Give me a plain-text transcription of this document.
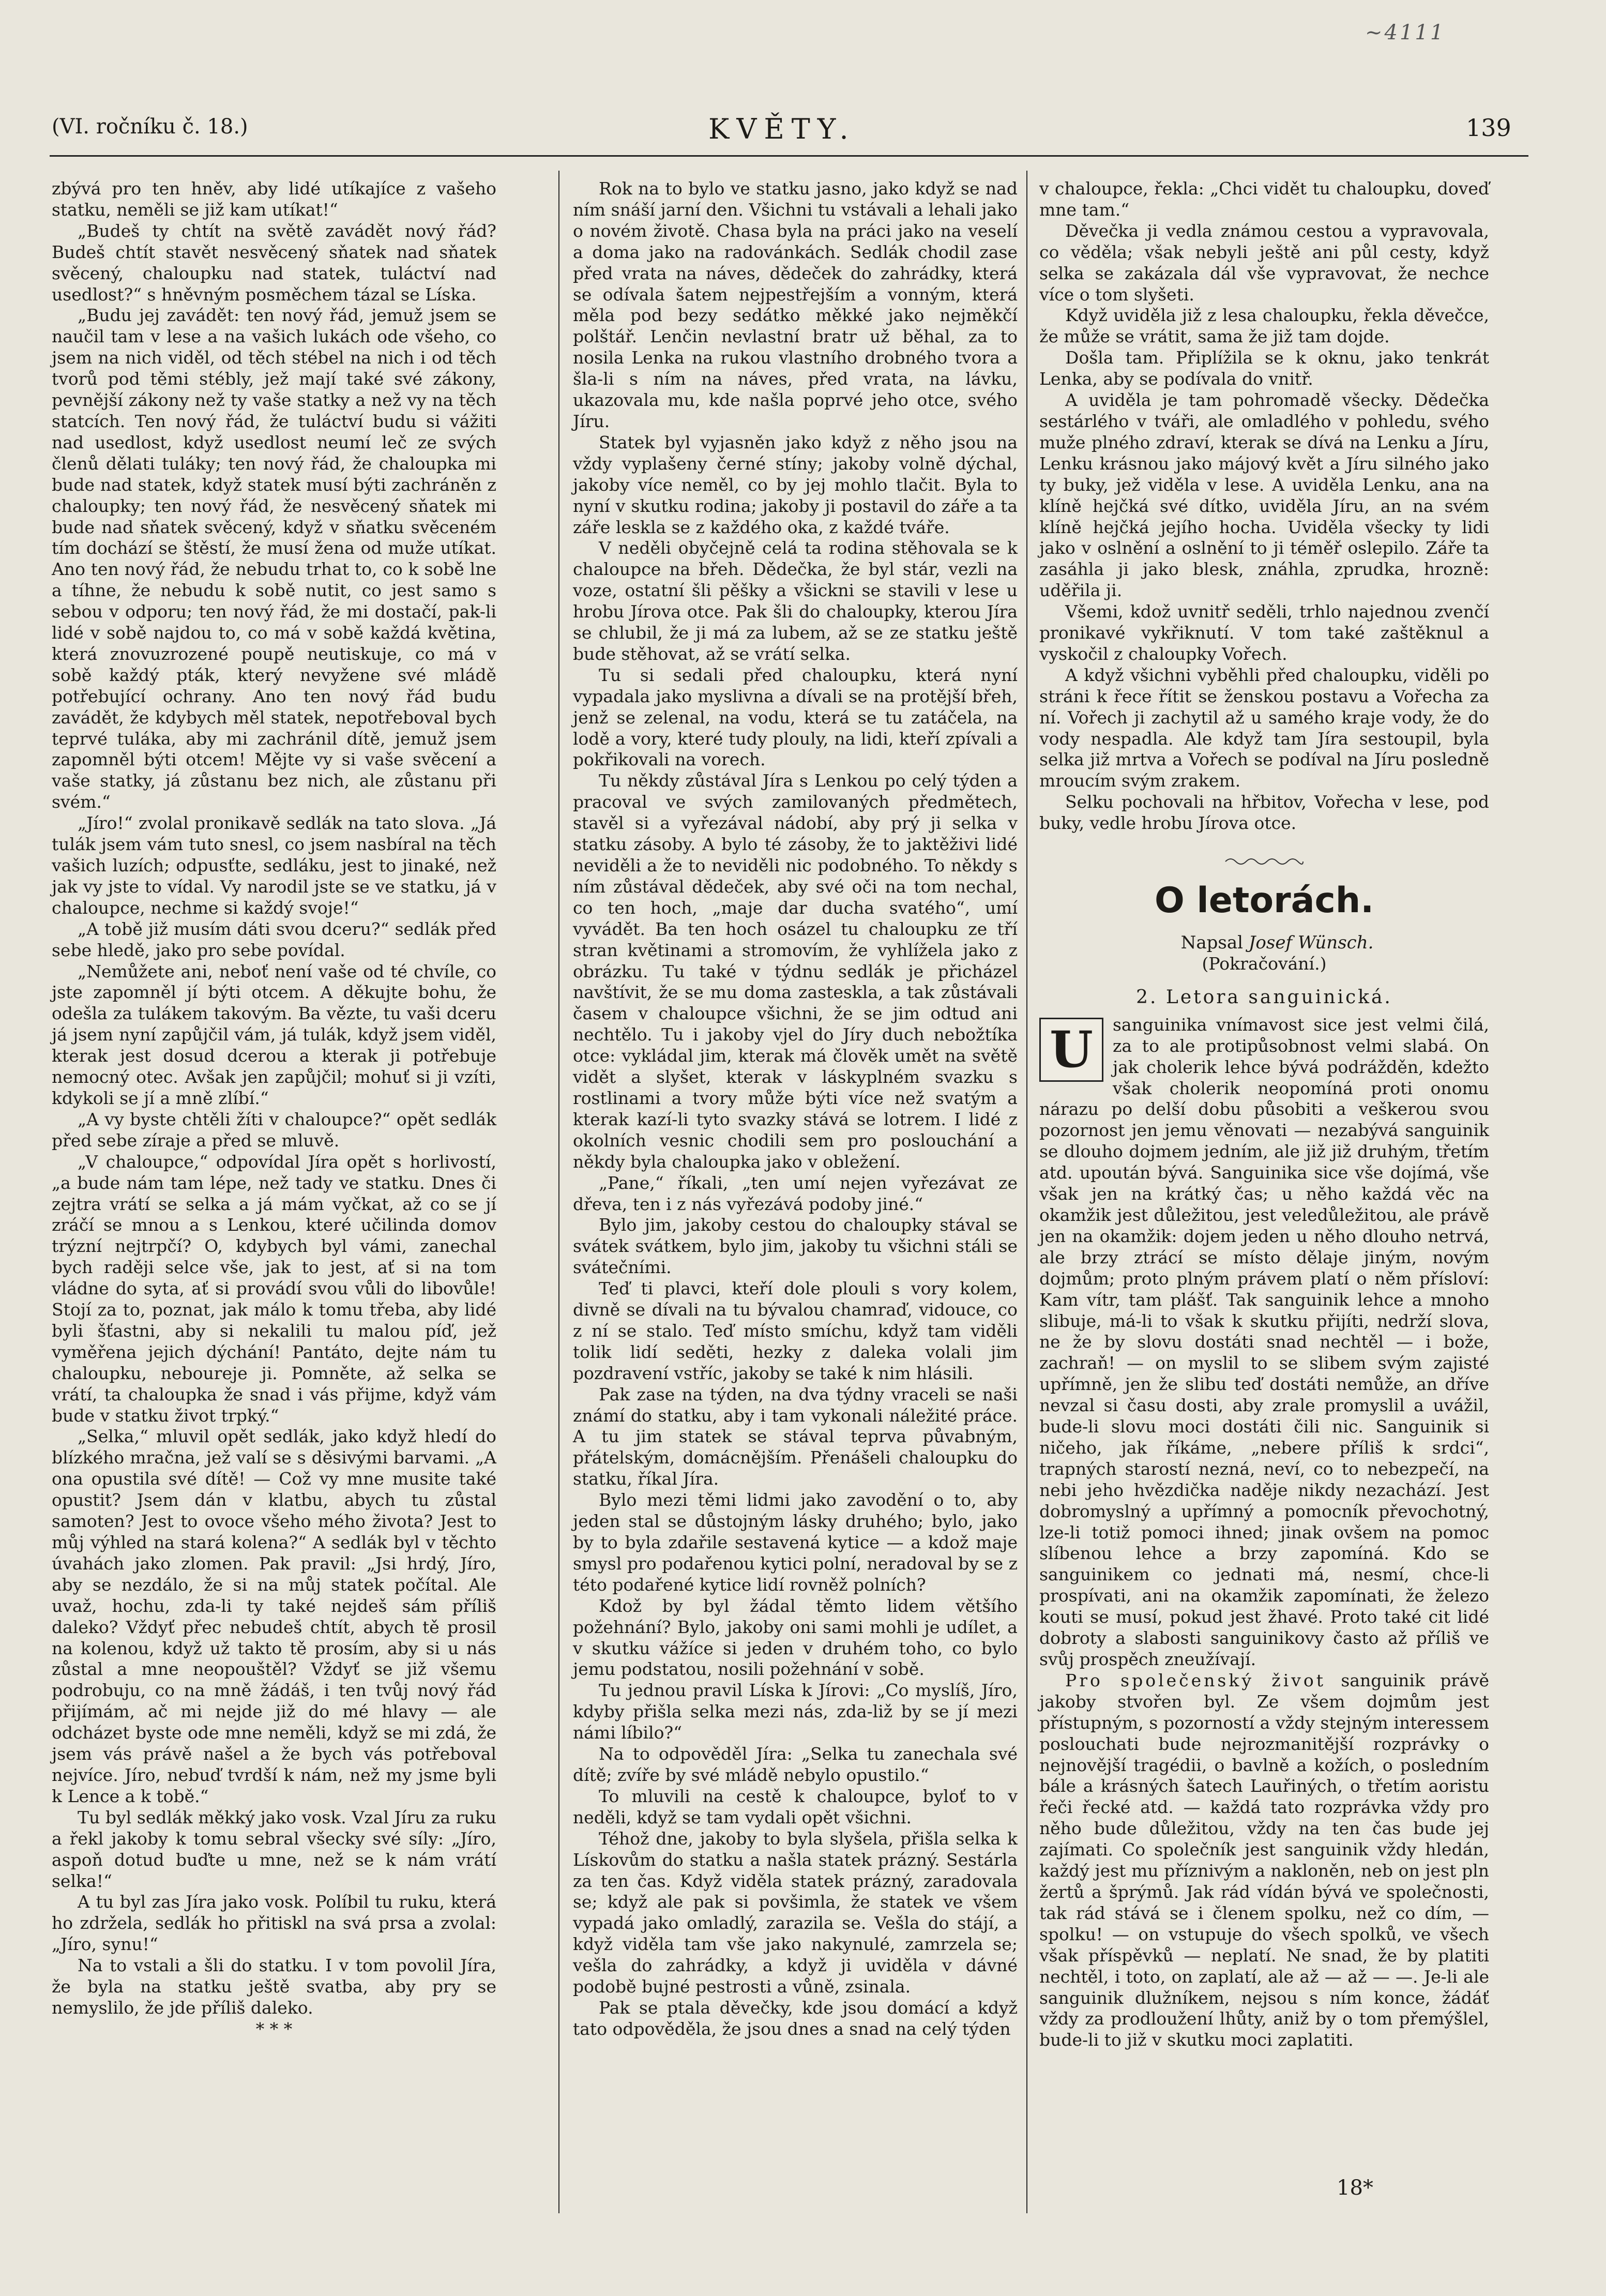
~4111
(VI. ročníku č. 18.)	KVĚTY.	139

zbývá pro ten hněv, aby lidé utíkajíce z vašeho statku, neměli se již kam utíkat!“

„Budeš ty chtít na světě zavádět nový řád? Budeš chtít stavět nesvěcený sňatek nad sňatek svěcený, chaloupku nad statek, tuláctví nad usedlost?“ s hněvným posměchem tázal se Líska.

„Budu jej zavádět: ten nový řád, jemuž jsem se naučil tam v lese a na vašich lukách ode všeho, co jsem na nich viděl, od těch stébel na nich i od těch tvorů pod těmi stébly, jež mají také své zákony, pevnější zákony než ty vaše statky a než vy na těch statcích. Ten nový řád, že tuláctví budu si vážiti nad usedlost, když usedlost neumí leč ze svých členů dělati tuláky; ten nový řád, že chaloupka mi bude nad statek, když statek musí býti zachráněn z chaloupky; ten nový řád, že nesvěcený sňatek mi bude nad sňatek svěcený, když v sňatku svěceném tím dochází se štěstí, že musí žena od muže utíkat. Ano ten nový řád, že nebudu trhat to, co k sobě lne a tíhne, že nebudu k sobě nutit, co jest samo s sebou v odporu; ten nový řád, že mi dostačí, pak-li lidé v sobě najdou to, co má v sobě každá květina, která znovuzrozené poupě neutiskuje, co má v sobě každý pták, který nevyžene své mládě potřebující ochrany. Ano ten nový řád budu zavádět, že kdybych měl statek, nepotřeboval bych teprvé tuláka, aby mi zachránil dítě, jemuž jsem zapomněl býti otcem! Mějte vy si vaše svěcení a vaše statky, já zůstanu bez nich, ale zůstanu při svém.“

„Jíro!“ zvolal pronikavě sedlák na tato slova. „Já tulák jsem vám tuto snesl, co jsem nasbíral na těch vašich luzích; odpusťte, sedláku, jest to jinaké, než jak vy jste to vídal. Vy narodil jste se ve statku, já v chaloupce, nechme si každý svoje!“

„A tobě již musím dáti svou dceru?“ sedlák před sebe hledě, jako pro sebe povídal.

„Nemůžete ani, neboť není vaše od té chvíle, co jste zapomněl jí býti otcem. A děkujte bohu, že odešla za tulákem takovým. Ba vězte, tu vaši dceru já jsem nyní zapůjčil vám, já tulák, když jsem viděl, kterak jest dosud dcerou a kterak ji potřebuje nemocný otec. Avšak jen zapůjčil; mohuť si ji vzíti, kdykoli se jí a mně zlíbí.“

„A vy byste chtěli žíti v chaloupce?“ opět sedlák před sebe zíraje a před se mluvě.

„V chaloupce,“ odpovídal Jíra opět s horlivostí, „a bude nám tam lépe, než tady ve statku. Dnes či zejtra vrátí se selka a já mám vyčkat, až co se jí zráčí se mnou a s Lenkou, které učilinda domov trýzní nejtrpčí? O, kdybych byl vámi, zanechal bych raději selce vše, jak to jest, ať si na tom vládne do syta, ať si provádí svou vůli do libovůle! Stojí za to, poznat, jak málo k tomu třeba, aby lidé byli šťastni, aby si nekalili tu malou píď, jež vyměřena jejich dýchání! Pantáto, dejte nám tu chaloupku, neboureje ji. Pomněte, až selka se vrátí, ta chaloupka že snad i vás přijme, když vám bude v statku život trpký.“

„Selka,“ mluvil opět sedlák, jako když hledí do blízkého mračna, jež valí se s děsivými barvami. „A ona opustila své dítě! — Což vy mne musite také opustit? Jsem dán v klatbu, abych tu zůstal samoten? Jest to ovoce všeho mého života? Jest to můj výhled na stará kolena?“ A sedlák byl v těchto úvahách jako zlomen. Pak pravil: „Jsi hrdý, Jíro, aby se nezdálo, že si na můj statek počítal. Ale uvaž, hochu, zda-li ty také nejdeš sám příliš daleko? Vždyť přec nebudeš chtít, abych tě prosil na kolenou, když už takto tě prosím, aby si u nás zůstal a mne neopouštěl? Vždyť se již všemu podrobuju, co na mně žádáš, i ten tvůj nový řád přijímám, ač mi nejde již do mé hlavy — ale odcházet byste ode mne neměli, když se mi zdá, že jsem vás právě našel a že bych vás potřeboval nejvíce. Jíro, nebuď tvrdší k nám, než my jsme byli k Lence a k tobě.“

Tu byl sedlák měkký jako vosk. Vzal Jíru za ruku a řekl jakoby k tomu sebral všecky své síly: „Jíro, aspoň dotud buďte u mne, než se k nám vrátí selka!“

A tu byl zas Jíra jako vosk. Políbil tu ruku, která ho zdržela, sedlák ho přitiskl na svá prsa a zvolal: „Jíro, synu!“

Na to vstali a šli do statku. I v tom povolil Jíra, že byla na statku ještě svatba, aby pry se nemyslilo, že jde příliš daleko.

* * *

Rok na to bylo ve statku jasno, jako když se nad ním snáší jarní den. Všichni tu vstávali a lehali jako o novém životě. Chasa byla na práci jako na veselí a doma jako na radovánkách. Sedlák chodil zase před vrata na náves, dědeček do zahrádky, která se odívala šatem nejpestřejším a vonným, která měla pod bezy sedátko měkké jako nejměkčí polštář. Lenčin nevlastní bratr už běhal, za to nosila Lenka na rukou vlastního drobného tvora a šla-li s ním na náves, před vrata, na lávku, ukazovala mu, kde našla poprvé jeho otce, svého Jíru.

Statek byl vyjasněn jako když z něho jsou na vždy vyplašeny černé stíny; jakoby volně dýchal, jakoby více neměl, co by jej mohlo tlačit. Byla to nyní v skutku rodina; jakoby ji postavil do záře a ta záře leskla se z každého oka, z každé tváře.

V neděli obyčejně celá ta rodina stěhovala se k chaloupce na břeh. Dědečka, že byl stár, vezli na voze, ostatní šli pěšky a všickni se stavili v lese u hrobu Jírova otce. Pak šli do chaloupky, kterou Jíra se chlubil, že ji má za lubem, až se ze statku ještě bude stěhovat, až se vrátí selka.

Tu si sedali před chaloupku, která nyní vypadala jako myslivna a dívali se na protější břeh, jenž se zelenal, na vodu, která se tu zatáčela, na lodě a vory, které tudy plouly, na lidi, kteří zpívali a pokřikovali na vorech.

Tu někdy zůstával Jíra s Lenkou po celý týden a pracoval ve svých zamilovaných předmětech, stavěl si a vyřezával nádobí, aby prý ji selka v statku zásoby. A bylo té zásoby, že to jaktěživi lidé neviděli a že to neviděli nic podobného. To někdy s ním zůstával dědeček, aby své oči na tom nechal, co ten hoch, „maje dar ducha svatého“, umí vyvádět. Ba ten hoch osázel tu chaloupku ze tří stran květinami a stromovím, že vyhlížela jako z obrázku. Tu také v týdnu sedlák je přicházel navštívit, že se mu doma zasteskla, a tak zůstávali časem v chaloupce všichni, že se jim odtud ani nechtělo. Tu i jakoby vjel do Jíry duch nebožtíka otce: vykládal jim, kterak má člověk umět na světě vidět a slyšet, kterak v láskyplném svazku s rostlinami a tvory může býti více než svatým a kterak kazí-li tyto svazky stává se lotrem. I lidé z okolních vesnic chodili sem pro poslouchání a někdy byla chaloupka jako v obležení.

„Pane,“ říkali, „ten umí nejen vyřezávat ze dřeva, ten i z nás vyřezává podoby jiné.“

Bylo jim, jakoby cestou do chaloupky stával se svátek svátkem, bylo jim, jakoby tu všichni stáli se svátečními.

Teď ti plavci, kteří dole plouli s vory kolem, divně se dívali na tu bývalou chamraď, vidouce, co z ní se stalo. Teď místo smíchu, když tam viděli tolik lidí seděti, hezky z daleka volali jim pozdravení vstříc, jakoby se také k nim hlásili.

Pak zase na týden, na dva týdny vraceli se naši známí do statku, aby i tam vykonali náležité práce. A tu jim statek se stával teprva půvabným, přátelským, domácnějším. Přenášeli chaloupku do statku, říkal Jíra.

Bylo mezi těmi lidmi jako zavodění o to, aby jeden stal se důstojným lásky druhého; bylo, jako by to byla zdařile sestavená kytice — a kdož maje smysl pro podařenou kytici polní, neradoval by se z této podařené kytice lidí rovněž polních?

Kdož by byl žádal těmto lidem většího požehnání? Bylo, jakoby oni sami mohli je udílet, a v skutku vážíce si jeden v druhém toho, co bylo jemu podstatou, nosili požehnání v sobě.

Tu jednou pravil Líska k Jírovi: „Co myslíš, Jíro, kdyby přišla selka mezi nás, zda-liž by se jí mezi námi líbilo?“

Na to odpověděl Jíra: „Selka tu zanechala své dítě; zvíře by své mládě nebylo opustilo.“

To mluvili na cestě k chaloupce, byloť to v neděli, když se tam vydali opět všichni.

Téhož dne, jakoby to byla slyšela, přišla selka k Lískovům do statku a našla statek prázný. Sestárla za ten čas. Když viděla statek prázný, zaradovala se; když ale pak si povšimla, že statek ve všem vypadá jako omladlý, zarazila se. Vešla do stájí, a když viděla tam vše jako nakynulé, zamrzela se; vešla do zahrádky, a když ji uviděla v dávné podobě bujné pestrosti a vůně, zsinala.

Pak se ptala děvečky, kde jsou domácí a když tato odpověděla, že jsou dnes a snad na celý týden

v chaloupce, řekla: „Chci vidět tu chaloupku, doveď mne tam.“

Děvečka ji vedla známou cestou a vypravovala, co věděla; však nebyli ještě ani půl cesty, když selka se zakázala dál vše vypravovat, že nechce více o tom slyšeti.

Když uviděla již z lesa chaloupku, řekla děvečce, že může se vrátit, sama že již tam dojde.

Došla tam. Připlížila se k oknu, jako tenkrát Lenka, aby se podívala do vnitř.

A uviděla je tam pohromadě všecky. Dědečka sestárlého v tváři, ale omladlého v pohledu, svého muže plného zdraví, kterak se dívá na Lenku a Jíru, Lenku krásnou jako májový květ a Jíru silného jako ty buky, jež viděla v lese. A uviděla Lenku, ana na klíně hejčká své dítko, uviděla Jíru, an na svém klíně hejčká jejího hocha. Uviděla všecky ty lidi jako v oslnění a oslnění to ji téměř oslepilo. Záře ta zasáhla ji jako blesk, znáhla, zprudka, hrozně: uděřila ji.

Všemi, kdož uvnitř seděli, trhlo najednou zvenčí pronikavé vykřiknutí. V tom také zaštěknul a vyskočil z chaloupky Vořech.

A když všichni vyběhli před chaloupku, viděli po stráni k řece řítit se ženskou postavu a Vořecha za ní. Vořech ji zachytil až u samého kraje vody, že do vody nespadla. Ale když tam Jíra sestoupil, byla selka již mrtva a Vořech se podíval na Jíru posledně mroucím svým zrakem.

Selku pochovali na hřbitov, Vořecha v lese, pod buky, vedle hrobu Jírova otce.

O letorách.

Napsal Josef Wünsch.

(Pokračování.)
2. Letora sanguinická.

U	sanguinika vnímavost sice jest velmi čilá, za to ale protipůsobnost velmi slabá. On jak cholerik lehce bývá podrážděn, kdežto však cholerik neopomíná proti onomu nárazu po delší dobu působiti a veškerou svou pozornost jen jemu věnovati — nezabývá sanguinik se dlouho dojmem jedním, ale již již druhým, třetím atd. upoután bývá. Sanguinika sice vše dojímá, vše však jen na krátký čas; u něho každá věc na okamžik jest důležitou, jest veledůležitou, ale právě jen na okamžik: dojem jeden u něho dlouho netrvá, ale brzy ztrácí se místo dělaje jiným, novým dojmům; proto plným právem platí o něm přísloví: Kam vítr, tam plášť. Tak sanguinik lehce a mnoho slibuje, má-li to však k skutku přijíti, nedrží slova, ne že by slovu dostáti snad nechtěl — i bože, zachraň! — on myslil to se slibem svým zajisté upřímně, jen že slibu teď dostáti nemůže, an dříve nevzal si času dosti, aby zrale promyslil a uvážil, bude-li slovu moci dostáti čili nic. Sanguinik si ničeho, jak říkáme, „nebere příliš k srdci“, trapných starostí nezná, neví, co to nebezpečí, na nebi jeho hvězdička naděje nikdy nezachází. Jest dobromyslný a upřímný a pomocník převochotný, lze-li totiž pomoci ihned; jinak ovšem na pomoc slíbenou lehce a brzy zapomíná. Kdo se sanguinikem co jednati má, nesmí, chce-li prospívati, ani na okamžik zapomínati, že železo kouti se musí, pokud jest žhavé. Proto také cit lidé dobroty a slabosti sanguinikovy často až příliš ve svůj prospěch zneužívají.

Pro společenský život sanguinik právě jakoby stvořen byl. Ze všem dojmům jest přístupným, s pozorností a vždy stejným interessem poslouchati bude nejrozmanitější rozprávky o nejnovější tragédii, o bavlně a kožích, o posledním bále a krásných šatech Lauřiných, o třetím aoristu řeči řecké atd. — každá tato rozprávka vždy pro něho bude důležitou, vždy na ten čas bude jej zajímati. Co společník jest sanguinik vždy hledán, každý jest mu příznivým a nakloněn, neb on jest pln žertů a šprýmů. Jak rád vídán bývá ve společnosti, tak rád stává se i členem spolku, než co dím, — spolku! — on vstupuje do všech spolků, ve všech však příspěvků — neplatí. Ne snad, že by platiti nechtěl, i toto, on zaplatí, ale až — až — —. Je-li ale sanguinik dlužníkem, nejsou s ním konce, žádáť vždy za prodloužení lhůty, aniž by o tom přemýšlel, bude-li to již v skutku moci zaplatiti.

18*
